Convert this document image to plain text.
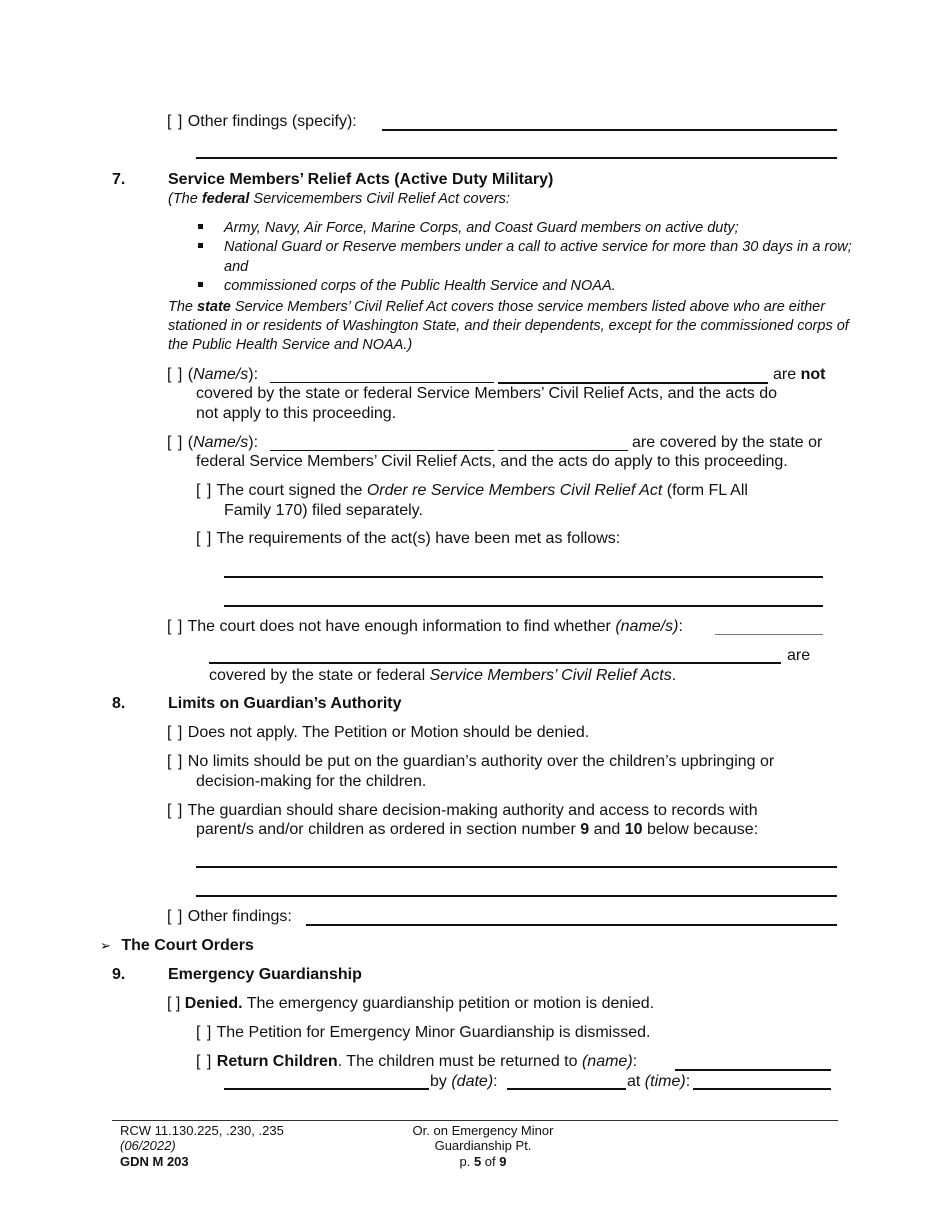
[ ] Other findings (specify):
7.	Service Members’ Relief Acts (Active Duty Military)
(The federal Servicemembers Civil Relief Act covers:
Army, Navy, Air Force, Marine Corps, and Coast Guard members on active duty;
National Guard or Reserve members under a call to active service for more than 30 days in a row;
and
commissioned corps of the Public Health Service and NOAA.
The state Service Members’ Civil Relief Act covers those service members listed above who are either
stationed in or residents of Washington State, and their dependents, except for the commissioned corps of
the Public Health Service and NOAA.)
[ ] (Name/s):	are not
covered by the state or federal Service Members’ Civil Relief Acts, and the acts do
not apply to this proceeding.
[ ] (Name/s):	are covered by the state or
federal Service Members’ Civil Relief Acts, and the acts do apply to this proceeding.
[ ] The court signed the Order re Service Members Civil Relief Act (form FL All
Family 170) filed separately.
[ ] The requirements of the act(s) have been met as follows:
[ ] The court does not have enough information to find whether (name/s):
are
covered by the state or federal Service Members’ Civil Relief Acts.
8.	Limits on Guardian’s Authority
[ ] Does not apply. The Petition or Motion should be denied.
[ ] No limits should be put on the guardian’s authority over the children’s upbringing or
decision-making for the children.
[ ] The guardian should share decision-making authority and access to records with
parent/s and/or children as ordered in section number 9 and 10 below because:
[ ] Other findings:
➢ The Court Orders
9.	Emergency Guardianship
[ ] Denied. The emergency guardianship petition or motion is denied.
[ ] The Petition for Emergency Minor Guardianship is dismissed.
[ ] Return Children. The children must be returned to (name):
by (date):	at (time):
RCW 11.130.225, .230, .235
(06/2022)
GDN M 203
Or. on Emergency Minor
Guardianship Pt.
p. 5 of 9
